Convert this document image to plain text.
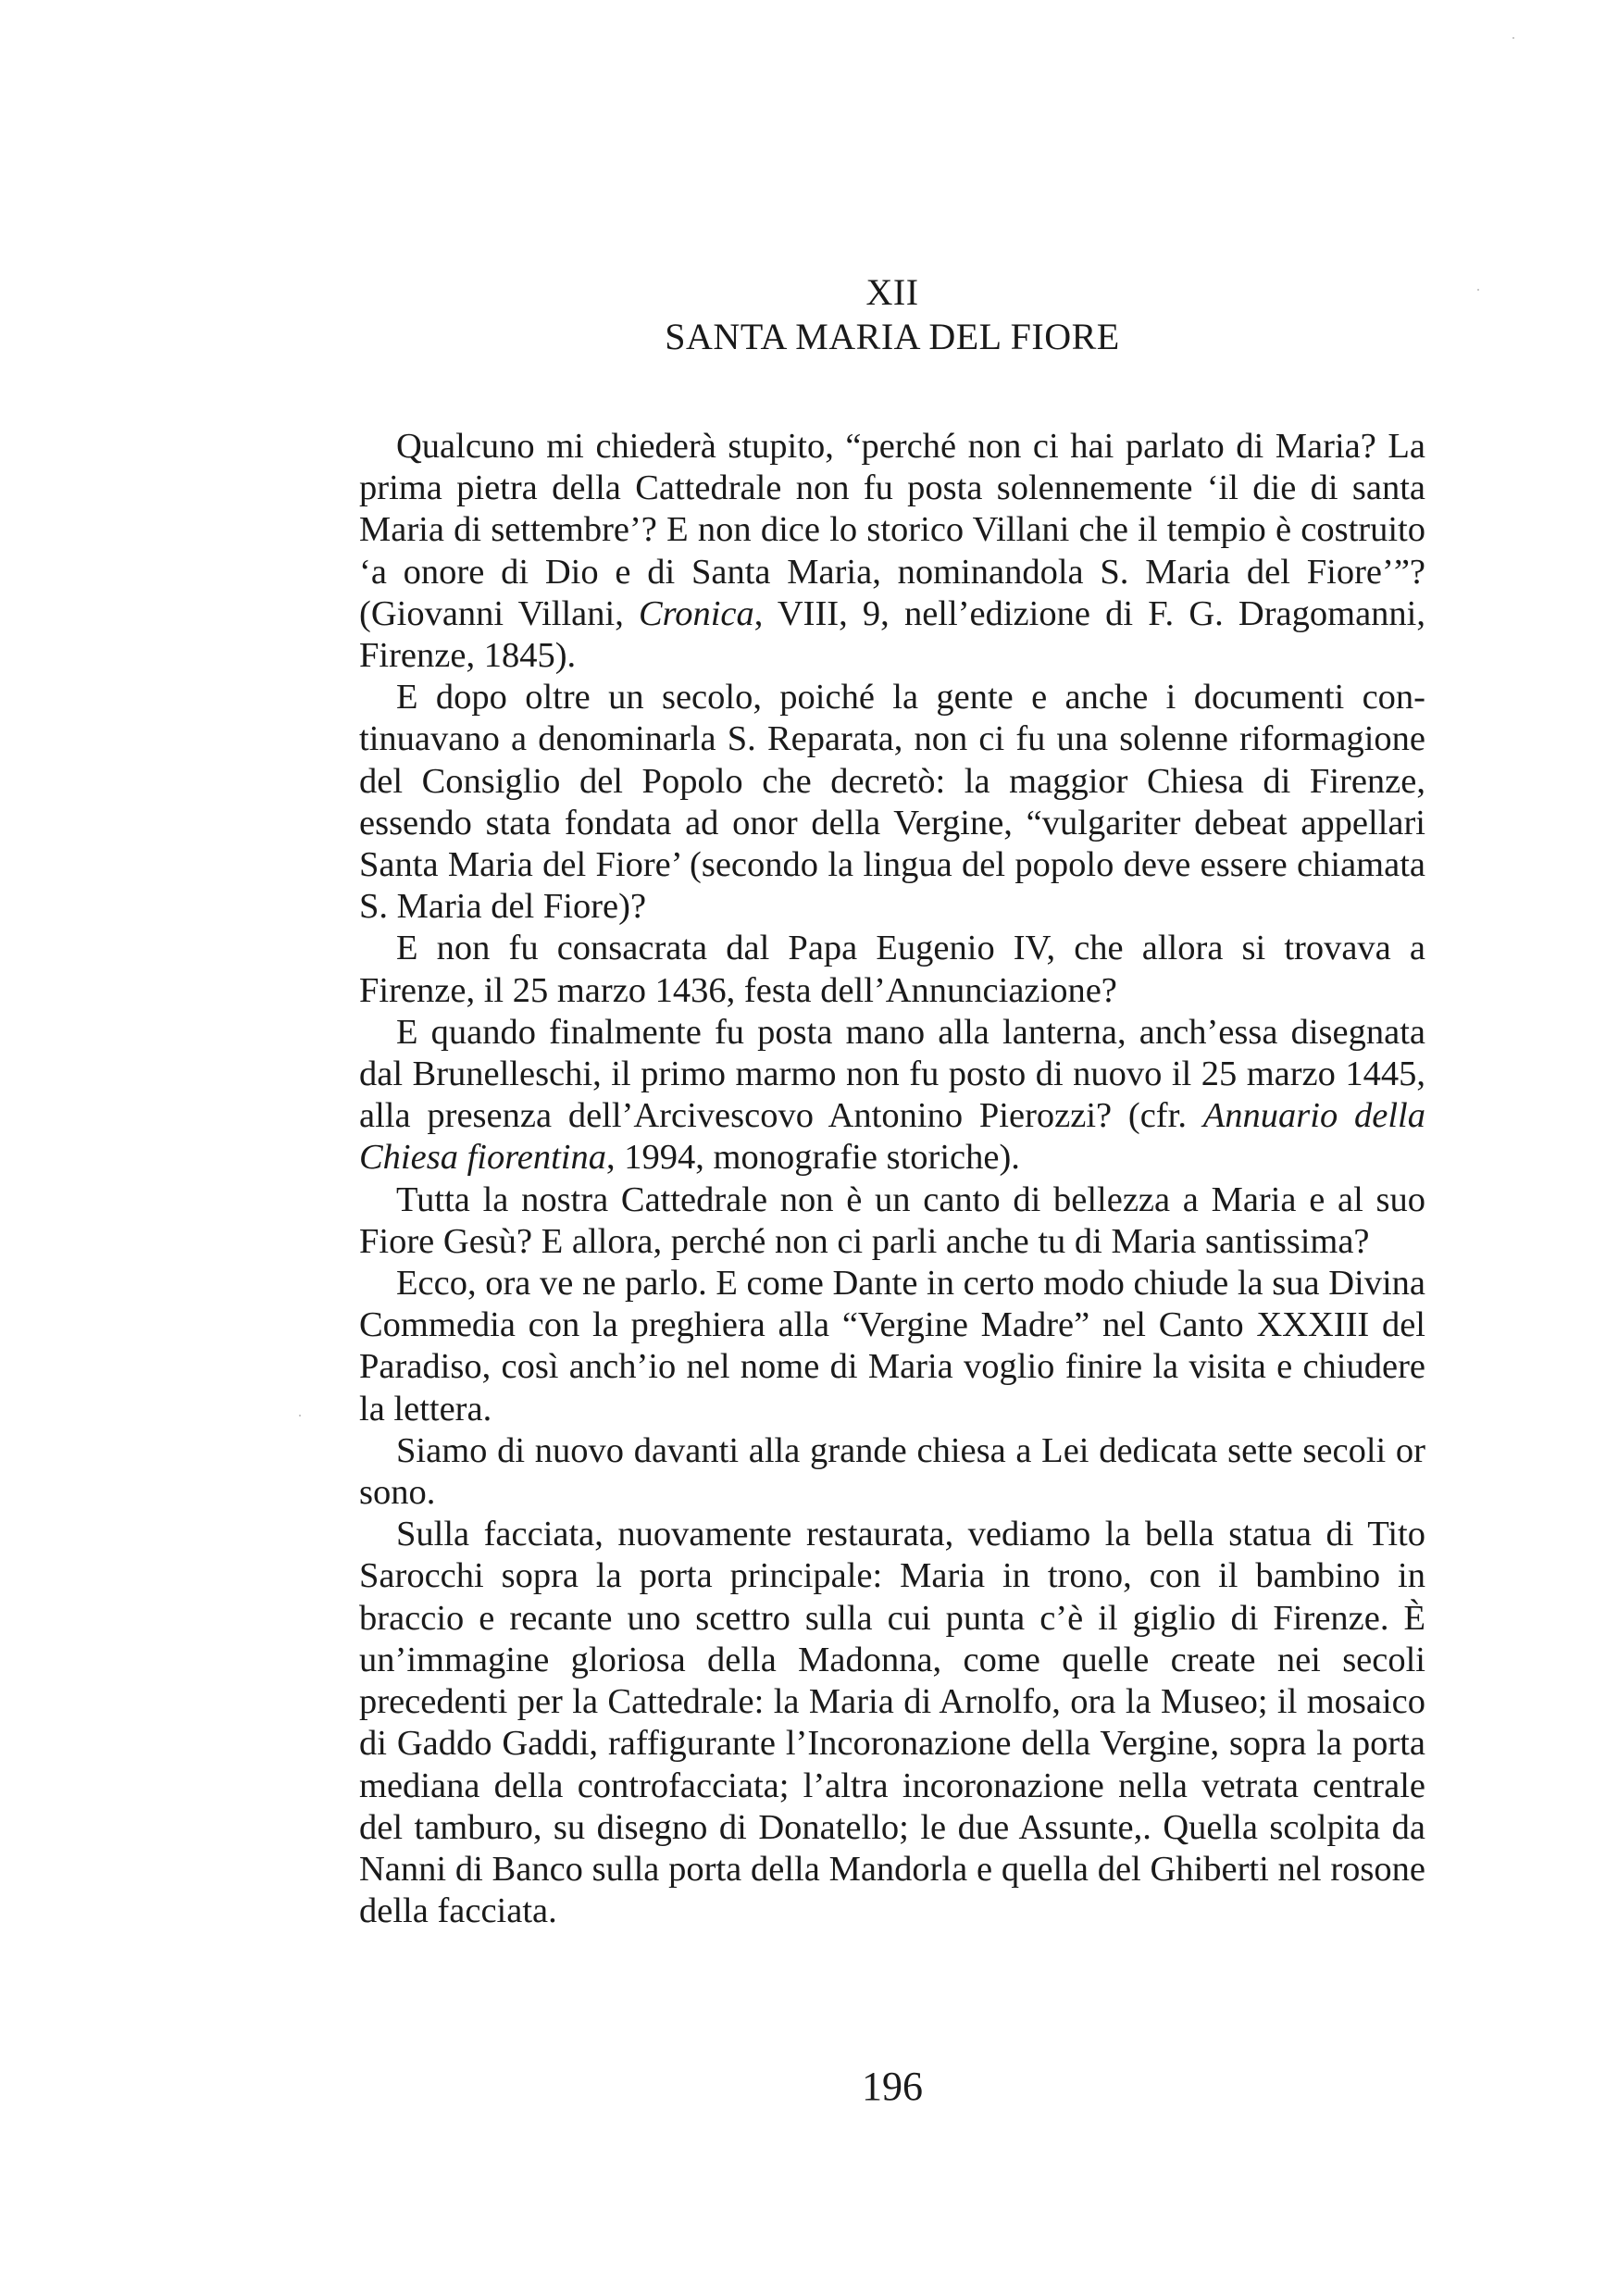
XII
SANTA MARIA DEL FIORE

Qualcuno mi chiederà stupito, “perché non ci hai parlato di Maria? La prima pietra della Cattedrale non fu posta solennemente ‘il die di santa Maria di settembre’? E non dice lo storico Villani che il tempio è costruito ‘a onore di Dio e di Santa Maria, nominandola S. Maria del Fiore’”? (Giovanni Villani, Cronica, VIII, 9, nell’edizione di F. G. Dragomanni, Firenze, 1845).

E dopo oltre un secolo, poiché la gente e anche i documenti continuavano a denominarla S. Reparata, non ci fu una solenne riformagione del Consiglio del Popolo che decretò: la maggior Chiesa di Firenze, essendo stata fondata ad onor della Vergine, “vulgariter debeat appellari Santa Maria del Fiore’ (secondo la lingua del popolo deve essere chiamata S. Maria del Fiore)?

E non fu consacrata dal Papa Eugenio IV, che allora si trovava a Firenze, il 25 marzo 1436, festa dell’Annunciazione?

E quando finalmente fu posta mano alla lanterna, anch’essa disegnata dal Brunelleschi, il primo marmo non fu posto di nuovo il 25 marzo 1445, alla presenza dell’Arcivescovo Antonino Pierozzi? (cfr. Annuario della Chiesa fiorentina, 1994, monografie storiche).

Tutta la nostra Cattedrale non è un canto di bellezza a Maria e al suo Fiore Gesù? E allora, perché non ci parli anche tu di Maria santissima?

Ecco, ora ve ne parlo. E come Dante in certo modo chiude la sua Divina Commedia con la preghiera alla “Vergine Madre” nel Canto XXXIII del Paradiso, così anch’io nel nome di Maria voglio finire la visita e chiudere la lettera.

Siamo di nuovo davanti alla grande chiesa a Lei dedicata sette secoli or sono.

Sulla facciata, nuovamente restaurata, vediamo la bella statua di Tito Sarocchi sopra la porta principale: Maria in trono, con il bambino in braccio e recante uno scettro sulla cui punta c’è il giglio di Firenze. È un’immagine gloriosa della Madonna, come quelle create nei secoli precedenti per la Cattedrale: la Maria di Arnolfo, ora la Museo; il mosaico di Gaddo Gaddi, raffigurante l’Incoronazione della Vergine, sopra la porta mediana della controfacciata; l’altra incoronazione nella vetrata centrale del tamburo, su disegno di Donatello; le due Assunte,. Quella scolpita da Nanni di Banco sulla porta della Mandorla e quella del Ghiberti nel rosone della facciata.

196
